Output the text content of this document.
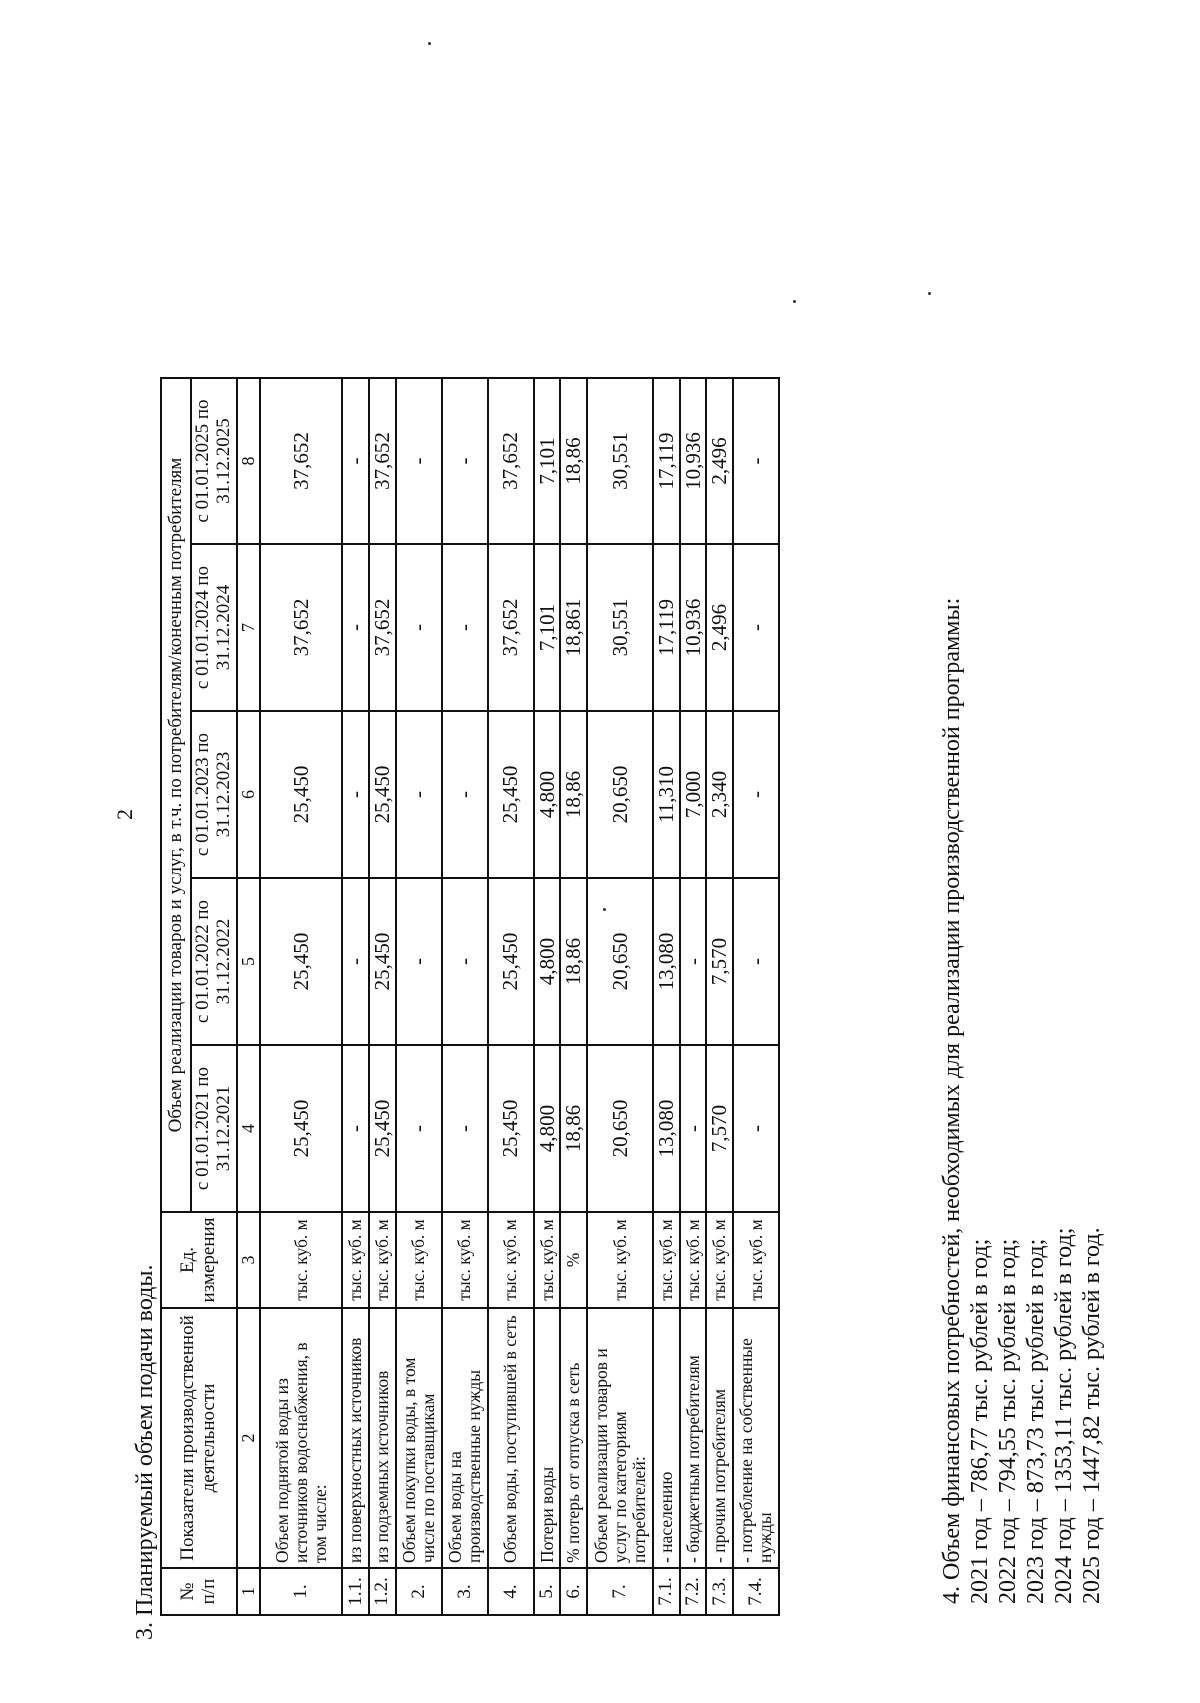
2
3. Планируемый объем подачи воды. № п/п	Показатели производственной деятельности	Ед. измерения	Объем реализации товаров и услуг, в т.ч. по потребителям/конечным потребителям				
			с 01.01.2021 по 31.12.2021	с 01.01.2022 по 31.12.2022	с 01.01.2023 по 31.12.2023	с 01.01.2024 по 31.12.2024	с 01.01.2025 по 31.12.2025
1	2	3	4	5	6	7	8
1.	Объем поднятой воды из источников водоснабжения, в том числе:	тыс. куб. м	25,450	25,450	25,450	37,652	37,652
1.1.	из поверхностных источников	тыс. куб. м	-	-	-	-	-
1.2.	из подземных источников	тыс. куб. м	25,450	25,450	25,450	37,652	37,652
2.	Объем покупки воды, в том числе по поставщикам	тыс. куб. м	-	-	-	-	-
3.	Объем воды на производственные нужды	тыс. куб. м	-	-	-	-	-
4.	Объем воды, поступившей в сеть	тыс. куб. м	25,450	25,450	25,450	37,652	37,652
5.	Потери воды	тыс. куб. м	4,800	4,800	4,800	7,101	7,101
6.	% потерь от отпуска в сеть	%	18,86	18,86	18,86	18,861	18,86
7.	Объем реализации товаров и услуг по категориям потребителей:	тыс. куб. м	20,650	20,650	20,650	30,551	30,551
7.1.	- населению	тыс. куб. м	13,080	13,080	11,310	17,119	17,119
7.2.	- бюджетным потребителям	тыс. куб. м	-	-	7,000	10,936	10,936
7.3.	- прочим потребителям	тыс. куб. м	7,570	7,570	2,340	2,496	2,496
7.4.	- потребление на собственные нужды	тыс. куб. м	-	-	-	-	-
4. Объем финансовых потребностей, необходимых для реализации производственной программы: 2021 год – 786,77 тыс. рублей в год; 2022 год – 794,55 тыс. рублей в год; 2023 год – 873,73 тыс. рублей в год; 2024 год – 1353,11 тыс. рублей в год; 2025 год – 1447,82 тыс. рублей в год.
